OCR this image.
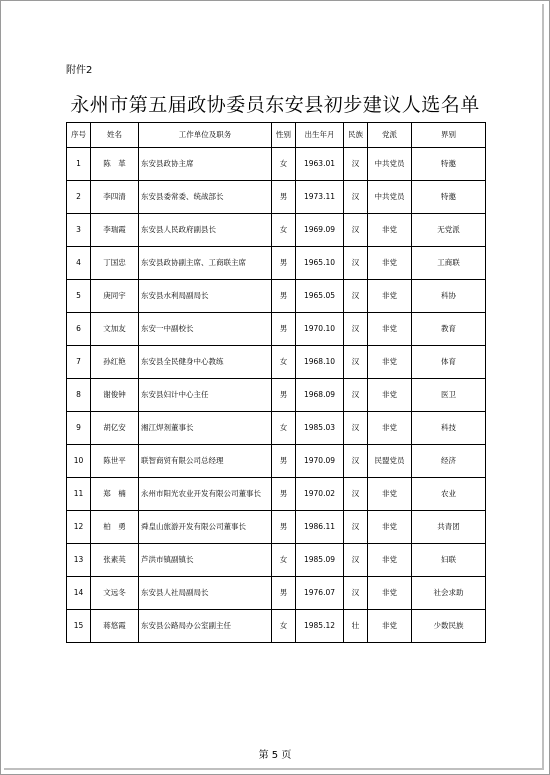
附件2
永州市第五届政协委员东安县初步建议人选名单
序号	姓名	工作单位及职务	性别	出生年月	民族	党派	界别
1	陈　革	东安县政协主席	女	1963.01	汉	中共党员	特邀
2	李四清	东安县委常委、统战部长	男	1973.11	汉	中共党员	特邀
3	李瑞霞	东安县人民政府副县长	女	1969.09	汉	非党	无党派
4	丁国忠	东安县政协副主席、工商联主席	男	1965.10	汉	非党	工商联
5	庚同宇	东安县水利局副局长	男	1965.05	汉	非党	科协
6	文加友	东安一中副校长	男	1970.10	汉	非党	教育
7	孙红艳	东安县全民健身中心教练	女	1968.10	汉	非党	体育
8	谢俊钟	东安县妇计中心主任	男	1968.09	汉	非党	医卫
9	胡亿安	湘江焊剂董事长	女	1985.03	汉	非党	科技
10	陈世平	联智商贸有限公司总经理	男	1970.09	汉	民盟党员	经济
11	郑　楠	永州市阳光农业开发有限公司董事长	男	1970.02	汉	非党	农业
12	柏　勇	舜皇山旅游开发有限公司董事长	男	1986.11	汉	非党	共青团
13	张素英	芦洪市镇副镇长	女	1985.09	汉	非党	妇联
14	文远冬	东安县人社局副局长	男	1976.07	汉	非党	社会求助
15	蒋悠霞	东安县公路局办公室副主任	女	1985.12	壮	非党	少数民族
第 5 页
